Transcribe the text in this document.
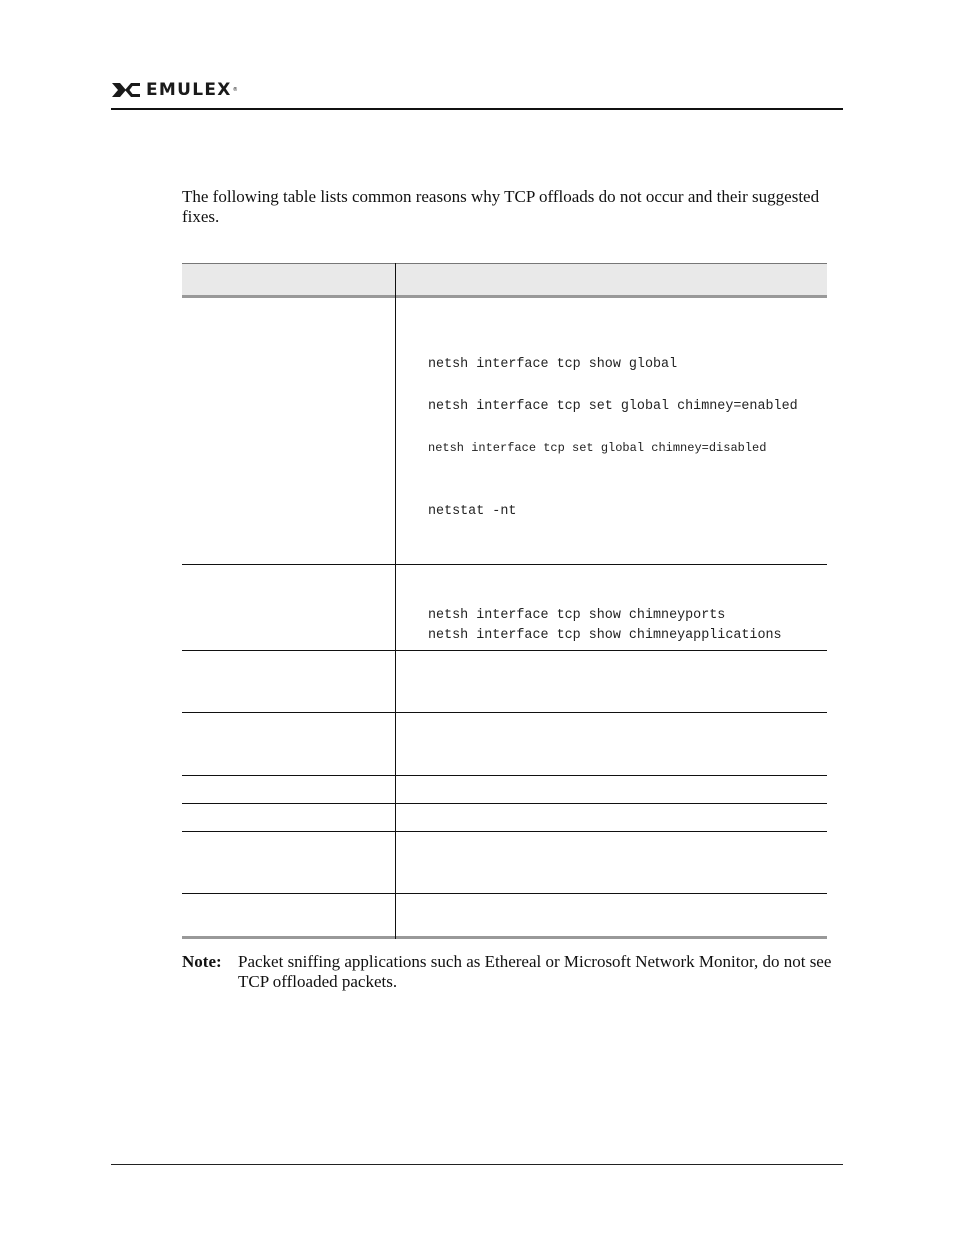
EMULEX ®

The following table lists common reasons why TCP offloads do not occur and their suggested fixes.

netsh interface tcp show global
netsh interface tcp set global chimney=enabled
netsh interface tcp set global chimney=disabled
netstat -nt
netsh interface tcp show chimneyports
netsh interface tcp show chimneyapplications
Note: Packet sniffing applications such as Ethereal or Microsoft Network Monitor, do not see TCP offloaded packets.
